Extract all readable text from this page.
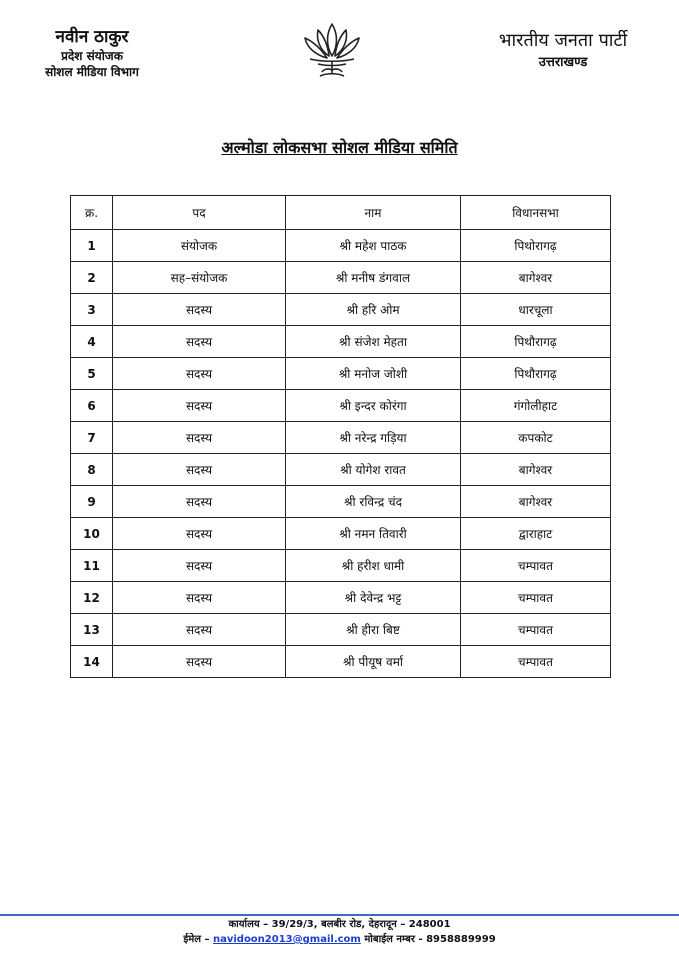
नवीन ठाकुर
प्रदेश संयोजक
सोशल मीडिया विभाग
भारतीय जनता पार्टी
उत्तराखण्ड
अल्मोडा लोकसभा सोशल मीडिया समिति
क्र.	पद	नाम	विधानसभा
1	संयोजक	श्री महेश पाठक	पिथोरागढ़
2	सह–संयोजक	श्री मनीष डंगवाल	बागेश्वर
3	सदस्य	श्री हरि ओम	धारचूला
4	सदस्य	श्री संजेश मेहता	पिथौरागढ़
5	सदस्य	श्री मनोज जोशी	पिथौरागढ़
6	सदस्य	श्री इन्दर कोरंगा	गंगोलीहाट
7	सदस्य	श्री नरेन्द्र गड़िया	कपकोट
8	सदस्य	श्री योगेश रावत	बागेश्वर
9	सदस्य	श्री रविन्द्र चंद	बागेश्वर
10	सदस्य	श्री नमन तिवारी	द्वाराहाट
11	सदस्य	श्री हरीश धामी	चम्पावत
12	सदस्य	श्री देवेन्द्र भट्ट	चम्पावत
13	सदस्य	श्री हीरा बिष्ट	चम्पावत
14	सदस्य	श्री पीयूष वर्मा	चम्पावत
कार्यालय – 39/29/3, बलबीर रोड, देहरादून – 248001
ईमेल – navidoon2013@gmail.com मोबाईल नम्बर - 8958889999
